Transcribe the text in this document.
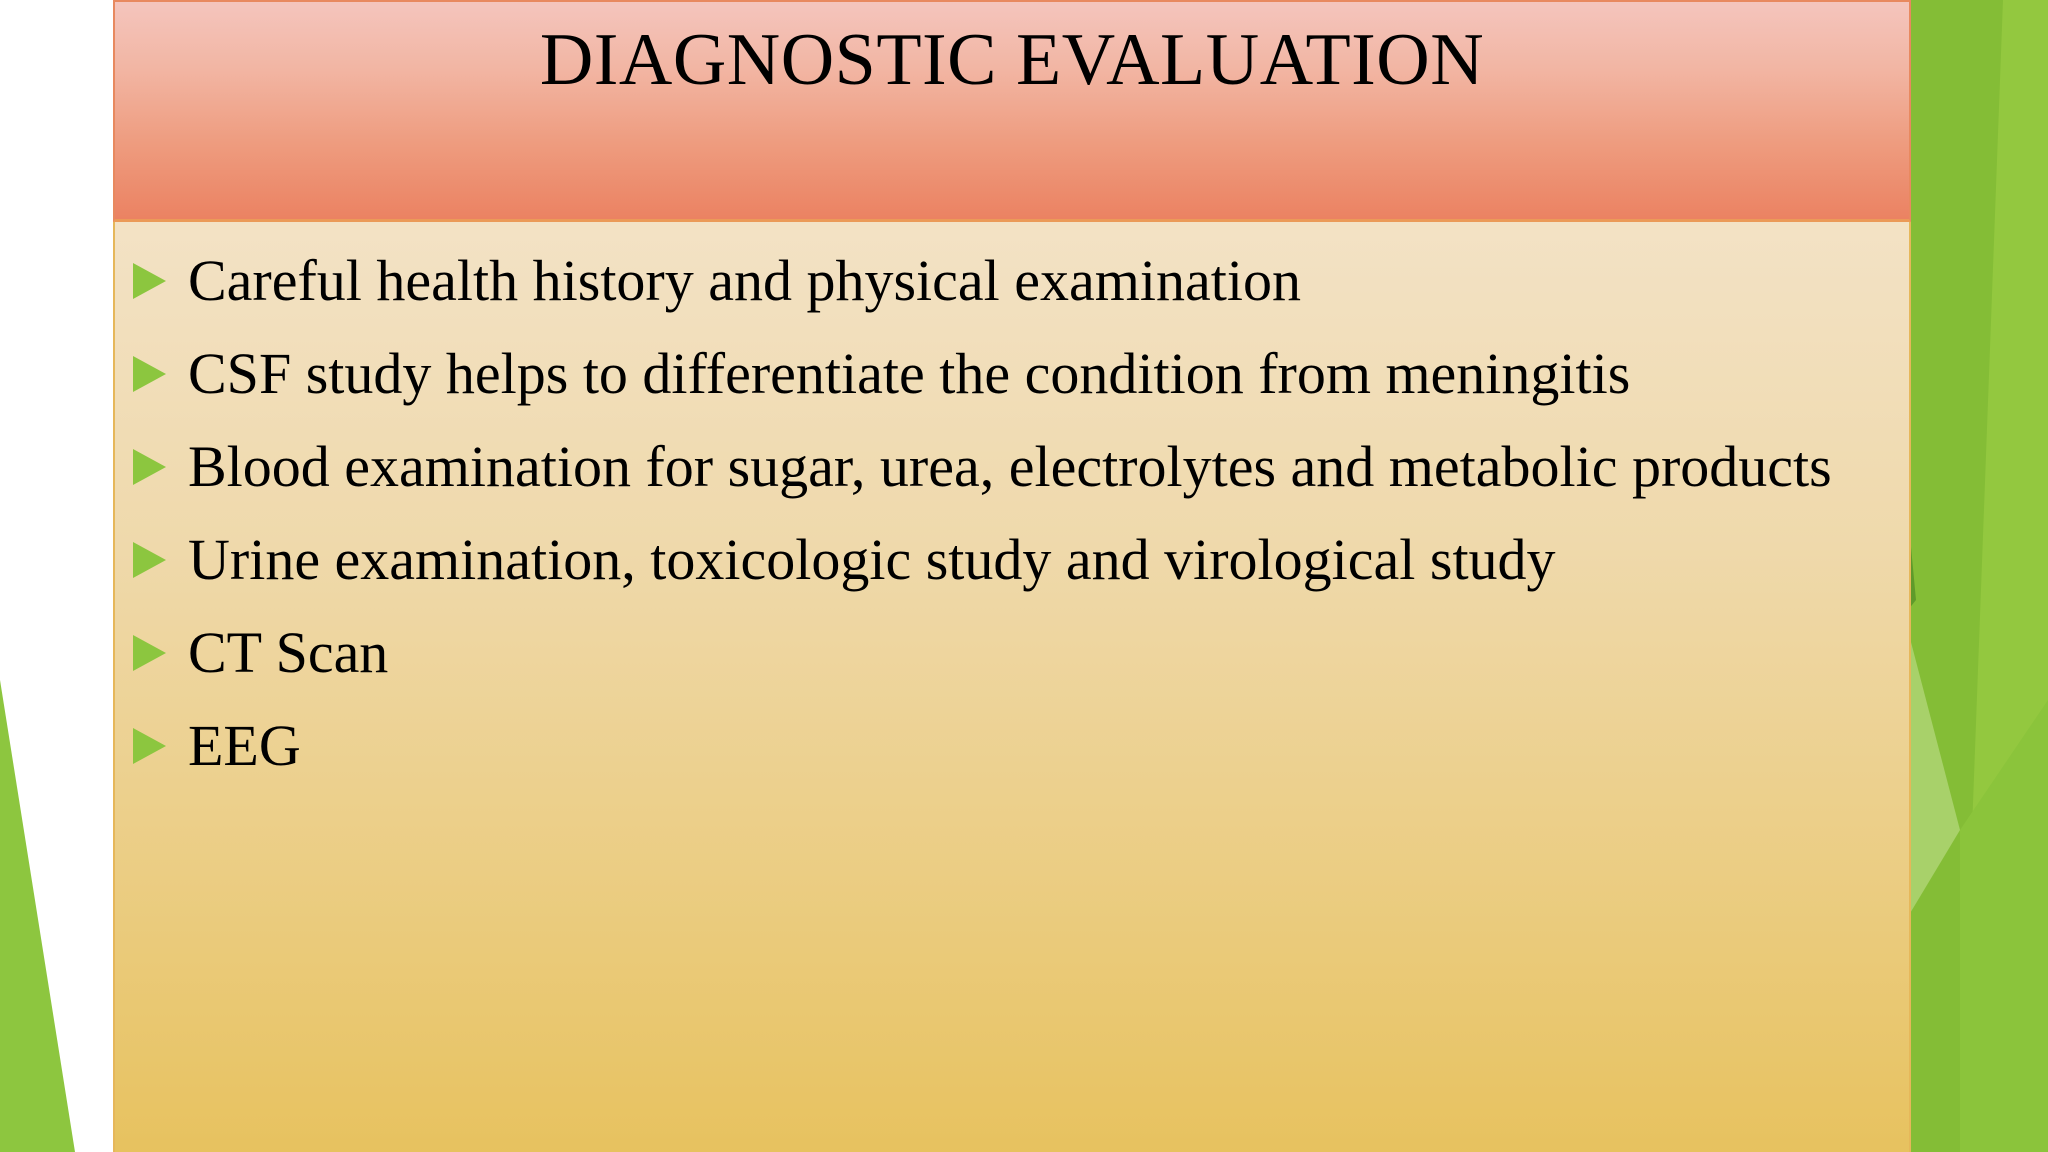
DIAGNOSTIC EVALUATION
Careful health history and physical examination
CSF study helps to differentiate the condition from meningitis
Blood examination for sugar, urea, electrolytes and metabolic products
Urine examination, toxicologic study and virological study
CT Scan
EEG
